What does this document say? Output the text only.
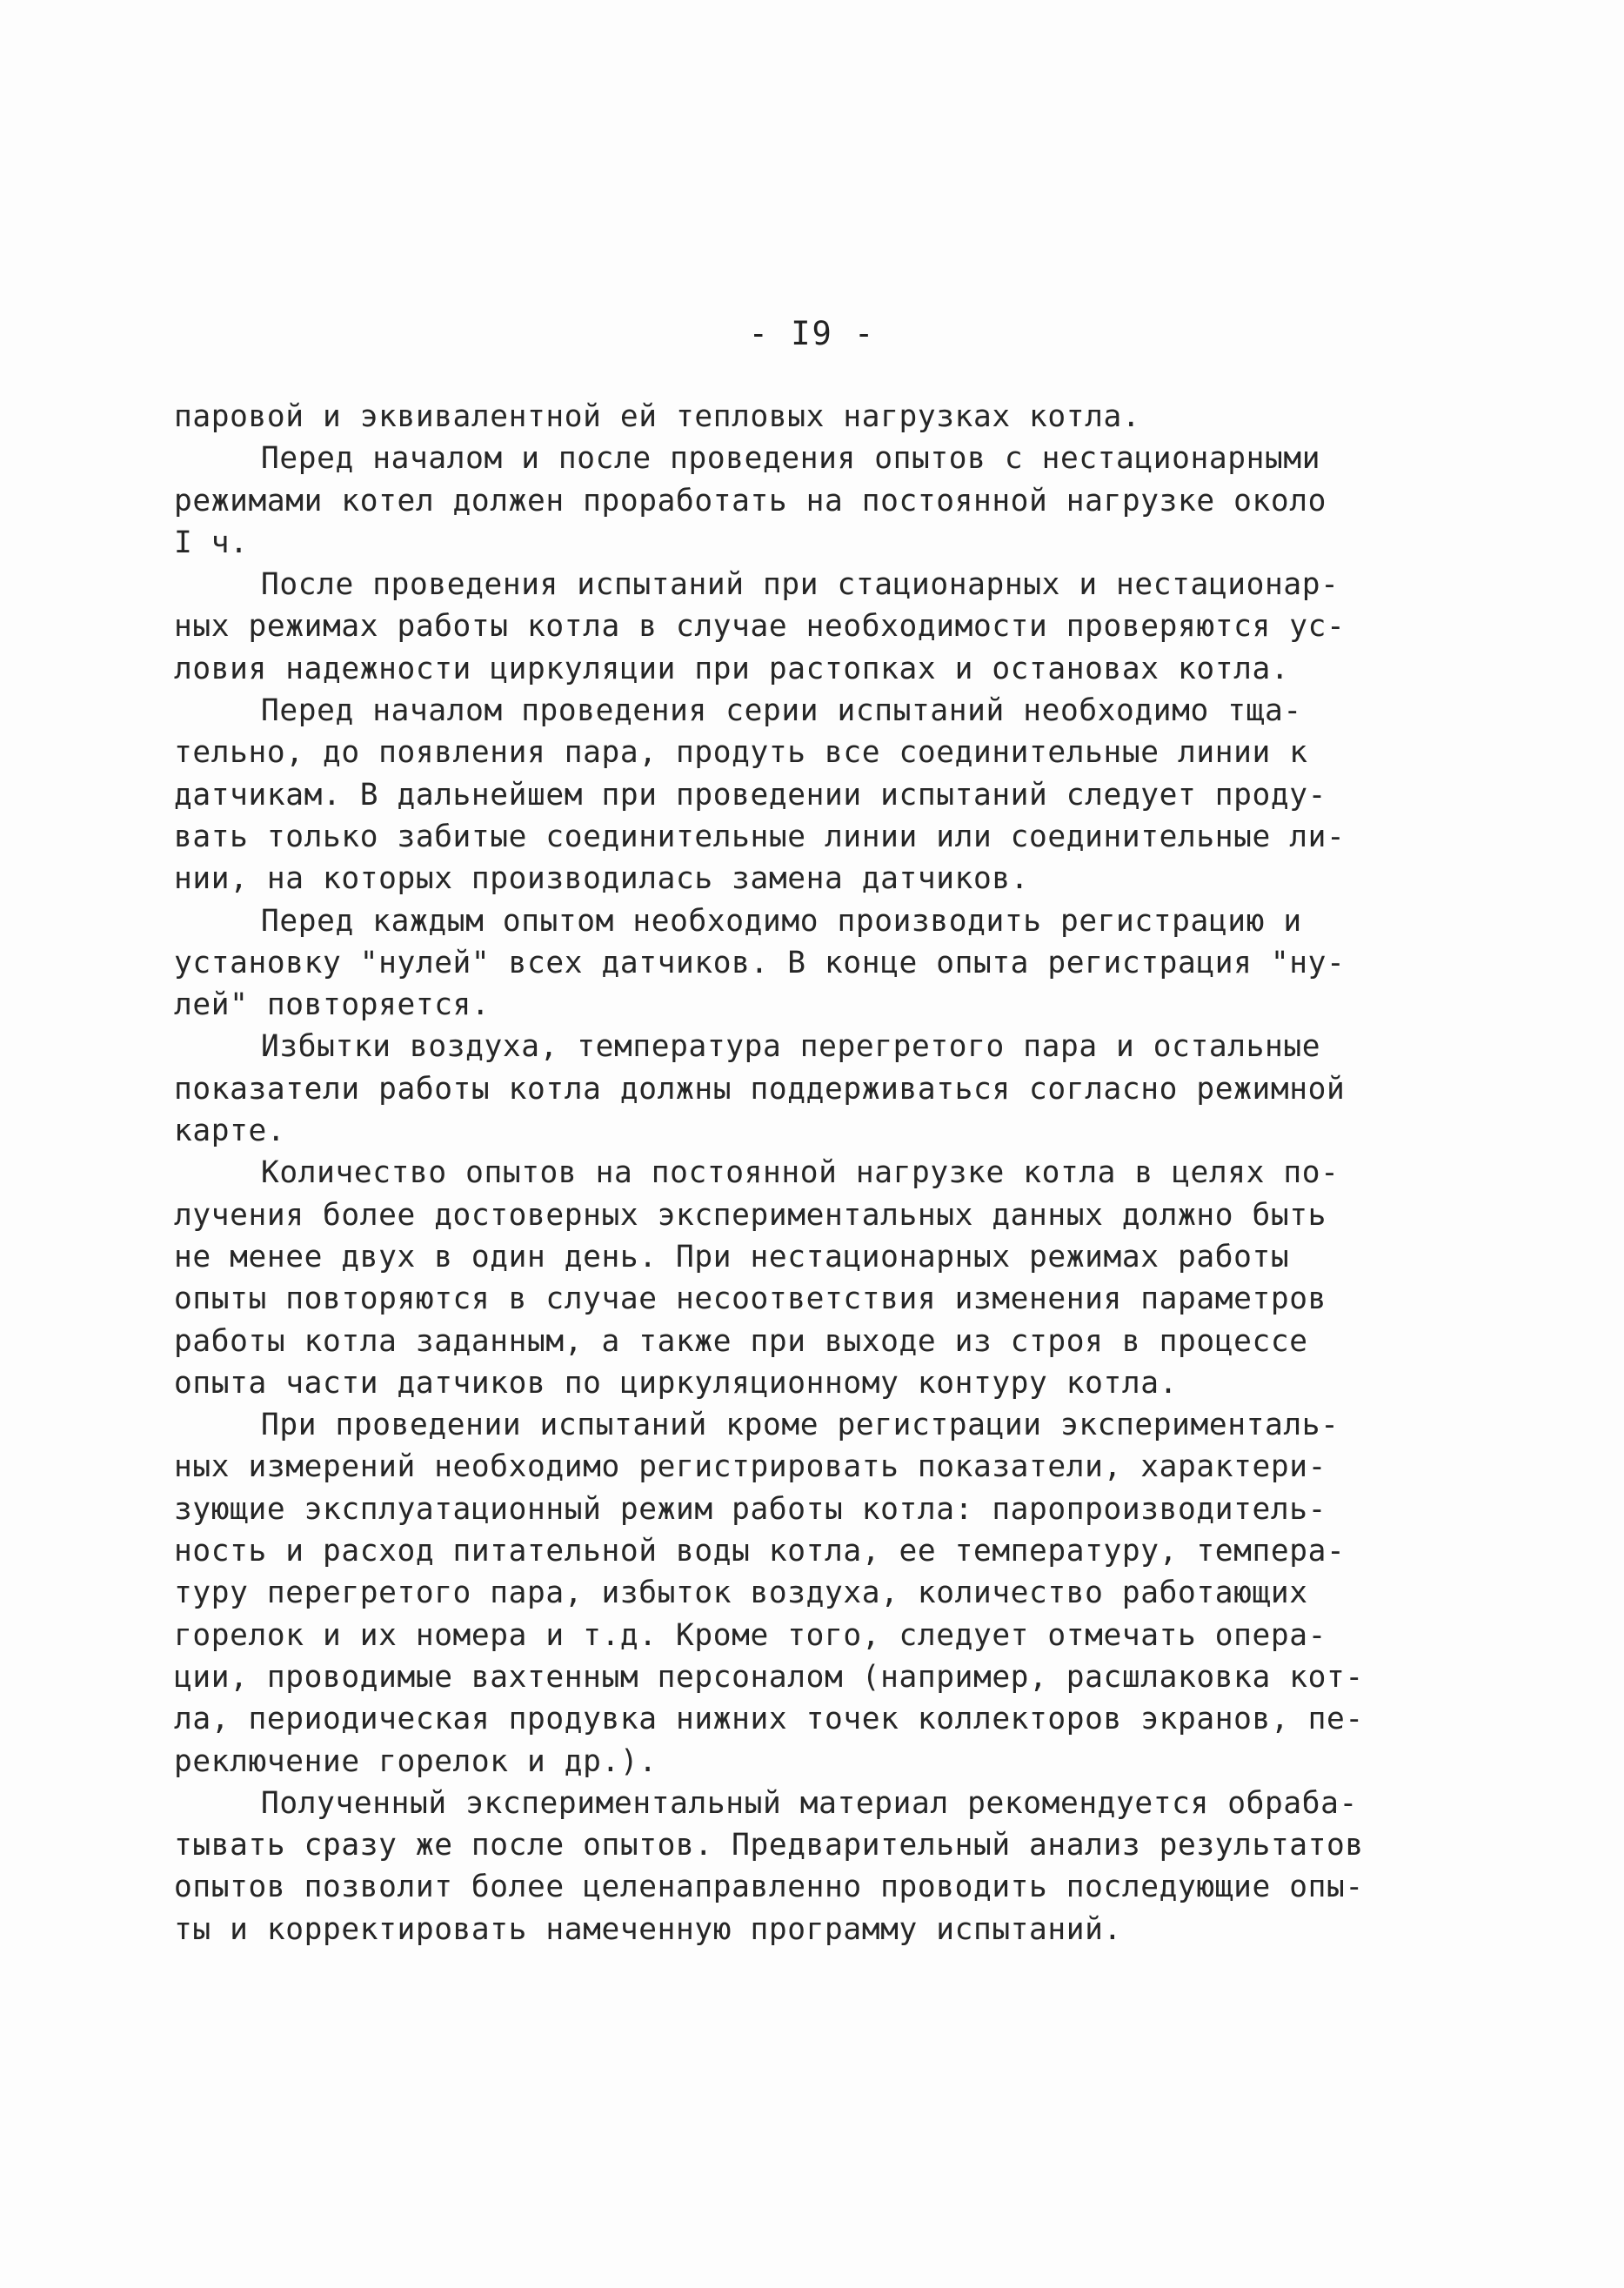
- I9 -
паровой и эквивалентной ей тепловых нагрузках котла.
Перед началом и после проведения опытов с нестационарными
режимами котел должен проработать на постоянной нагрузке около
I ч.
После проведения испытаний при стационарных и нестационар-
ных режимах работы котла в случае необходимости проверяются ус-
ловия надежности циркуляции при растопках и остановах котла.
Перед началом проведения серии испытаний необходимо тща-
тельно, до появления пара, продуть все соединительные линии к
датчикам. В дальнейшем при проведении испытаний следует проду-
вать только забитые соединительные линии или соединительные ли-
нии, на которых производилась замена датчиков.
Перед каждым опытом необходимо производить регистрацию и
установку "нулей" всех датчиков. В конце опыта регистрация "ну-
лей" повторяется.
Избытки воздуха, температура перегретого пара и остальные
показатели работы котла должны поддерживаться согласно режимной
карте.
Количество опытов на постоянной нагрузке котла в целях по-
лучения более достоверных экспериментальных данных должно быть
не менее двух в один день. При нестационарных режимах работы
опыты повторяются в случае несоответствия изменения параметров
работы котла заданным, а также при выходе из строя в процессе
опыта части датчиков по циркуляционному контуру котла.
При проведении испытаний кроме регистрации эксперименталь-
ных измерений необходимо регистрировать показатели, характери-
зующие эксплуатационный режим работы котла: паропроизводитель-
ность и расход питательной воды котла, ее температуру, темпера-
туру перегретого пара, избыток воздуха, количество работающих
горелок и их номера и т.д. Кроме того, следует отмечать опера-
ции, проводимые вахтенным персоналом (например, расшлаковка кот-
ла, периодическая продувка нижних точек коллекторов экранов, пе-
реключение горелок и др.).
Полученный экспериментальный материал рекомендуется обраба-
тывать сразу же после опытов. Предварительный анализ результатов
опытов позволит более целенаправленно проводить последующие опы-
ты и корректировать намеченную программу испытаний.
